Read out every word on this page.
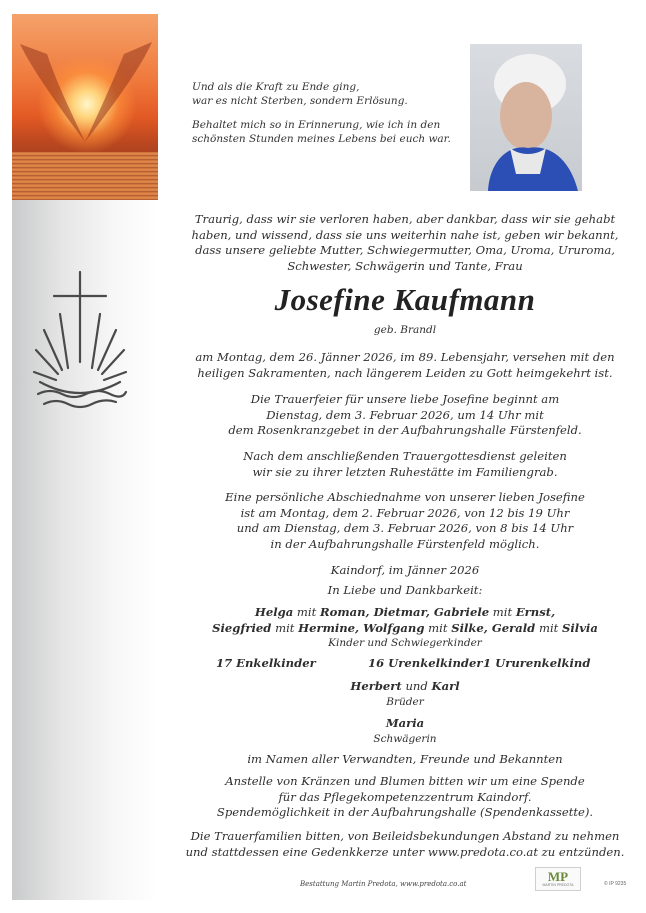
Und als die Kraft zu Ende ging,
war es nicht Sterben, sondern Erlösung.

Behaltet mich so in Erinnerung, wie ich in den
schönsten Stunden meines Lebens bei euch war.

Traurig, dass wir sie verloren haben, aber dankbar, dass wir sie gehabt

haben, und wissend, dass sie uns weiterhin nahe ist, geben wir bekannt,

dass unsere geliebte Mutter, Schwiegermutter, Oma, Uroma, Ururoma,

Schwester, Schwägerin und Tante, Frau

Josefine Kaufmann

geb. Brandl

am Montag, dem 26. Jänner 2026, im 89. Lebensjahr, versehen mit den

heiligen Sakramenten, nach längerem Leiden zu Gott heimgekehrt ist.

Die Trauerfeier für unsere liebe Josefine beginnt am

Dienstag, dem 3. Februar 2026, um 14 Uhr mit

dem Rosenkranzgebet in der Aufbahrungshalle Fürstenfeld.

Nach dem anschließenden Trauergottesdienst geleiten

wir sie zu ihrer letzten Ruhestätte im Familiengrab.

Eine persönliche Abschiednahme von unserer lieben Josefine

ist am Montag, dem 2. Februar 2026, von 12 bis 19 Uhr

und am Dienstag, dem 3. Februar 2026, von 8 bis 14 Uhr

in der Aufbahrungshalle Fürstenfeld möglich.

Kaindorf, im Jänner 2026

In Liebe und Dankbarkeit:

Helga mit Roman, Dietmar, Gabriele mit Ernst,

Siegfried mit Hermine, Wolfgang mit Silke, Gerald mit Silvia

Kinder und Schwiegerkinder

17 Enkelkinder	16 Urenkelkinder 1 Ururenkelkind

Herbert und Karl

Brüder

Maria

Schwägerin

im Namen aller Verwandten, Freunde und Bekannten

Anstelle von Kränzen und Blumen bitten wir um eine Spende

für das Pflegekompetenzzentrum Kaindorf.

Spendemöglichkeit in der Aufbahrungshalle (Spendenkassette).

Die Trauerfamilien bitten, von Beileidsbekundungen Abstand zu nehmen

und stattdessen eine Gedenkkerze unter www.predota.co.at zu entzünden.

Bestattung Martin Predota, www.predota.co.at	MP
MARTIN PREDOTA	© IP 9235
